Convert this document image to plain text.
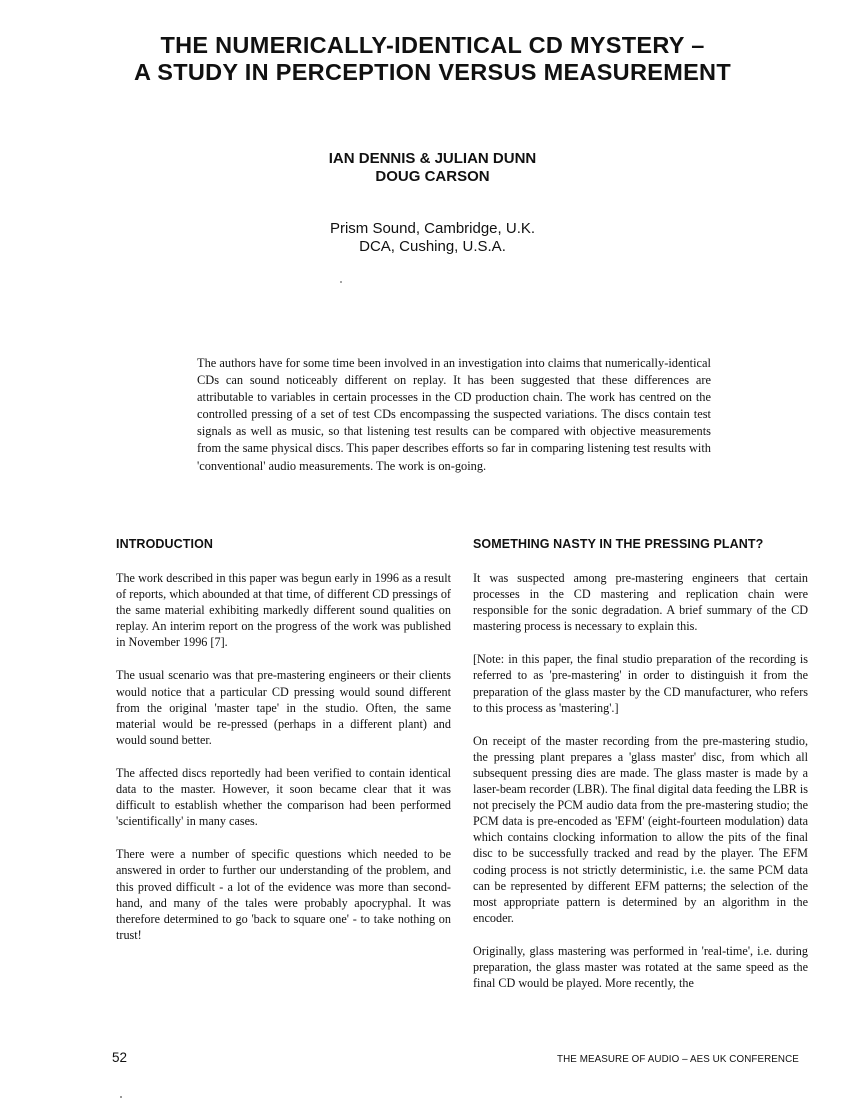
THE NUMERICALLY-IDENTICAL CD MYSTERY –
A STUDY IN PERCEPTION VERSUS MEASUREMENT
IAN DENNIS & JULIAN DUNN
DOUG CARSON
Prism Sound, Cambridge, U.K.
DCA, Cushing, U.S.A.
The authors have for some time been involved in an investigation into claims that numerically-identical CDs can sound noticeably different on replay. It has been suggested that these differences are attributable to variables in certain processes in the CD production chain. The work has centred on the controlled pressing of a set of test CDs encompassing the suspected variations. The discs contain test signals as well as music, so that listening test results can be compared with objective measurements from the same physical discs. This paper describes efforts so far in comparing listening test results with 'conventional' audio measurements. The work is on-going.
INTRODUCTION

The work described in this paper was begun early in 1996 as a result of reports, which abounded at that time, of different CD pressings of the same material exhibiting markedly different sound qualities on replay. An interim report on the progress of the work was published in November 1996 [7].

The usual scenario was that pre-mastering engineers or their clients would notice that a particular CD pressing would sound different from the original 'master tape' in the studio. Often, the same material would be re-pressed (perhaps in a different plant) and would sound better.

The affected discs reportedly had been verified to contain identical data to the master. However, it soon became clear that it was difficult to establish whether the comparison had been performed 'scientifically' in many cases.

There were a number of specific questions which needed to be answered in order to further our understanding of the problem, and this proved difficult - a lot of the evidence was more than second-hand, and many of the tales were probably apocryphal. It was therefore determined to go 'back to square one' - to take nothing on trust!

SOMETHING NASTY IN THE PRESSING PLANT?

It was suspected among pre-mastering engineers that certain processes in the CD mastering and replication chain were responsible for the sonic degradation. A brief summary of the CD mastering process is necessary to explain this.

[Note: in this paper, the final studio preparation of the recording is referred to as 'pre-mastering' in order to distinguish it from the preparation of the glass master by the CD manufacturer, who refers to this process as 'mastering'.]

On receipt of the master recording from the pre-mastering studio, the pressing plant prepares a 'glass master' disc, from which all subsequent pressing dies are made. The glass master is made by a laser-beam recorder (LBR). The final digital data feeding the LBR is not precisely the PCM audio data from the pre-mastering studio; the PCM data is pre-encoded as 'EFM' (eight-fourteen modulation) data which contains clocking information to allow the pits of the final disc to be successfully tracked and read by the player. The EFM coding process is not strictly deterministic, i.e. the same PCM data can be represented by different EFM patterns; the selection of the most appropriate pattern is determined by an algorithm in the encoder.

Originally, glass mastering was performed in 'real-time', i.e. during preparation, the glass master was rotated at the same speed as the final CD would be played. More recently, the

52	THE MEASURE OF AUDIO – AES UK CONFERENCE
